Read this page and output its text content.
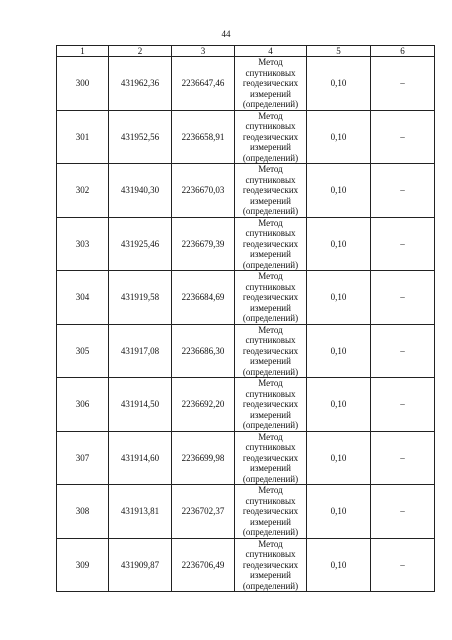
44
1	2	3	4	5	6
300	431962,36	2236647,46	Метод
спутниковых
геодезических
измерений
(определений)	0,10	–
301	431952,56	2236658,91	Метод
спутниковых
геодезических
измерений
(определений)	0,10	–
302	431940,30	2236670,03	Метод
спутниковых
геодезических
измерений
(определений)	0,10	–
303	431925,46	2236679,39	Метод
спутниковых
геодезических
измерений
(определений)	0,10	–
304	431919,58	2236684,69	Метод
спутниковых
геодезических
измерений
(определений)	0,10	–
305	431917,08	2236686,30	Метод
спутниковых
геодезических
измерений
(определений)	0,10	–
306	431914,50	2236692,20	Метод
спутниковых
геодезических
измерений
(определений)	0,10	–
307	431914,60	2236699,98	Метод
спутниковых
геодезических
измерений
(определений)	0,10	–
308	431913,81	2236702,37	Метод
спутниковых
геодезических
измерений
(определений)	0,10	–
309	431909,87	2236706,49	Метод
спутниковых
геодезических
измерений
(определений)	0,10	–
